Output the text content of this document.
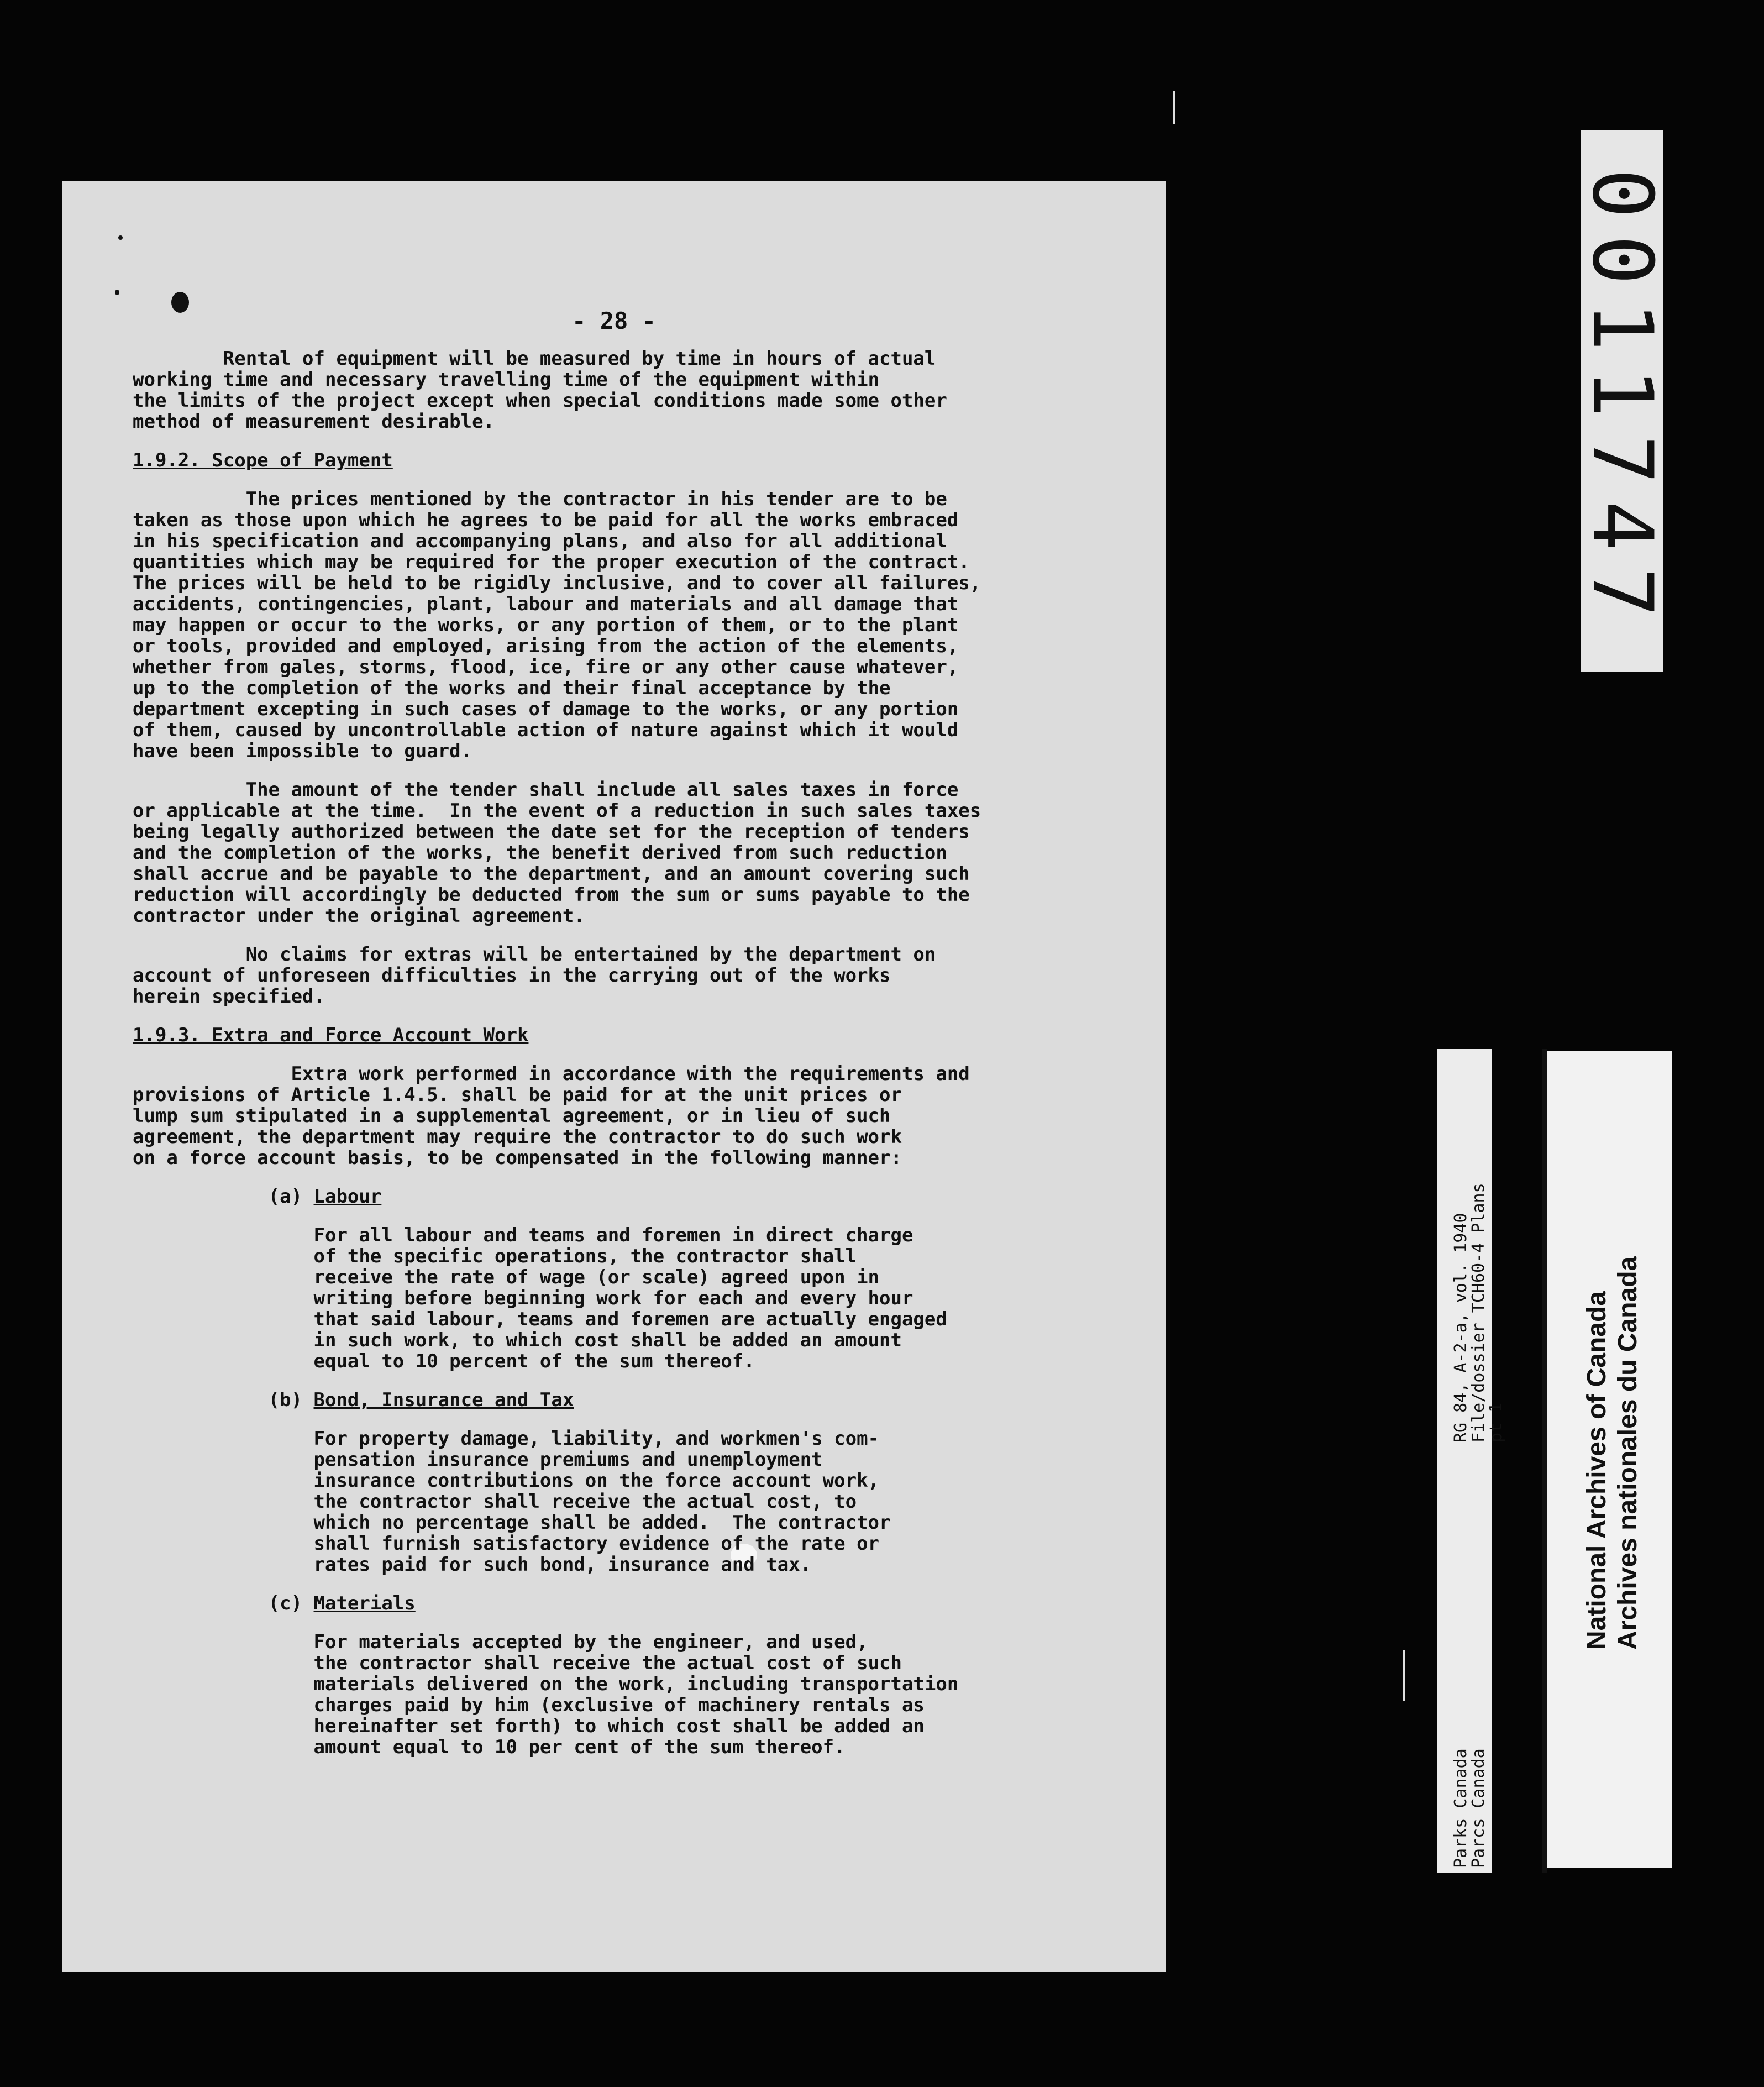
- 28 -
Rental of equipment will be measured by time in hours of actual
working time and necessary travelling time of the equipment within
the limits of the project except when special conditions made some other
method of measurement desirable.
1.9.2. Scope of Payment
The prices mentioned by the contractor in his tender are to be
taken as those upon which he agrees to be paid for all the works embraced
in his specification and accompanying plans, and also for all additional
quantities which may be required for the proper execution of the contract.
The prices will be held to be rigidly inclusive, and to cover all failures,
accidents, contingencies, plant, labour and materials and all damage that
may happen or occur to the works, or any portion of them, or to the plant
or tools, provided and employed, arising from the action of the elements,
whether from gales, storms, flood, ice, fire or any other cause whatever,
up to the completion of the works and their final acceptance by the
department excepting in such cases of damage to the works, or any portion
of them, caused by uncontrollable action of nature against which it would
have been impossible to guard.
The amount of the tender shall include all sales taxes in force
or applicable at the time.  In the event of a reduction in such sales taxes
being legally authorized between the date set for the reception of tenders
and the completion of the works, the benefit derived from such reduction
shall accrue and be payable to the department, and an amount covering such
reduction will accordingly be deducted from the sum or sums payable to the
contractor under the original agreement.
No claims for extras will be entertained by the department on
account of unforeseen difficulties in the carrying out of the works
herein specified.
1.9.3. Extra and Force Account Work
Extra work performed in accordance with the requirements and
provisions of Article 1.4.5. shall be paid for at the unit prices or
lump sum stipulated in a supplemental agreement, or in lieu of such
agreement, the department may require the contractor to do such work
on a force account basis, to be compensated in the following manner:
(a) Labour
For all labour and teams and foremen in direct charge
of the specific operations, the contractor shall
receive the rate of wage (or scale) agreed upon in
writing before beginning work for each and every hour
that said labour, teams and foremen are actually engaged
in such work, to which cost shall be added an amount
equal to 10 percent of the sum thereof.
(b) Bond, Insurance and Tax
For property damage, liability, and workmen's com-
pensation insurance premiums and unemployment
insurance contributions on the force account work,
the contractor shall receive the actual cost, to
which no percentage shall be added.  The contractor
shall furnish satisfactory evidence of the rate or
rates paid for such bond, insurance and tax.
(c) Materials
For materials accepted by the engineer, and used,
the contractor shall receive the actual cost of such
materials delivered on the work, including transportation
charges paid by him (exclusive of machinery rentals as
hereinafter set forth) to which cost shall be added an
amount equal to 10 per cent of the sum thereof.
0011747
RG 84, A-2-a, vol. 1940
File/dossier TCH60-4 Plans
pt 1
Parks Canada
Parcs Canada
National Archives of Canada Archives nationales du Canada
